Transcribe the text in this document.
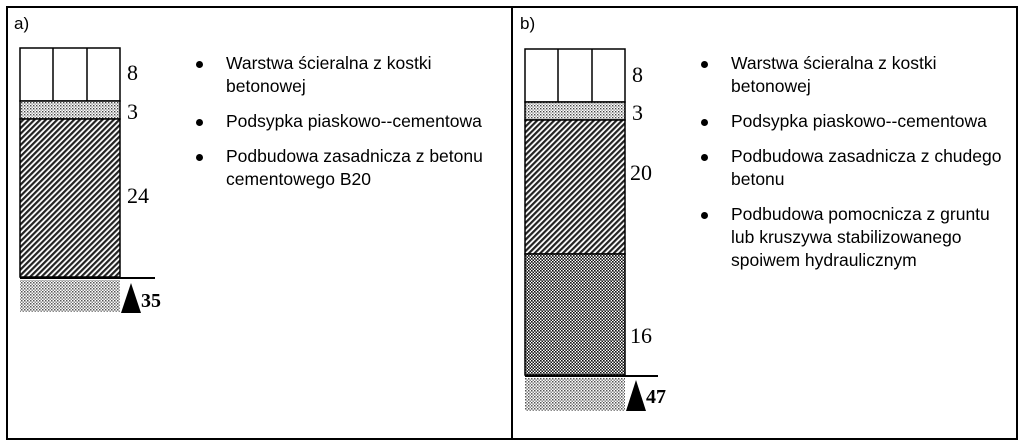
a)
8
3
24
35
Warstwa ścieralna z kostki betonowej
Podsypka piaskowo--cementowa
Podbudowa zasadnicza z betonu cementowego B20
b)
8
3
20
16
47
Warstwa ścieralna z kostki betonowej
Podsypka piaskowo--cementowa
Podbudowa zasadnicza z chudego betonu
Podbudowa pomocnicza z gruntu lub kruszywa stabilizowanego spoiwem hydraulicznym
